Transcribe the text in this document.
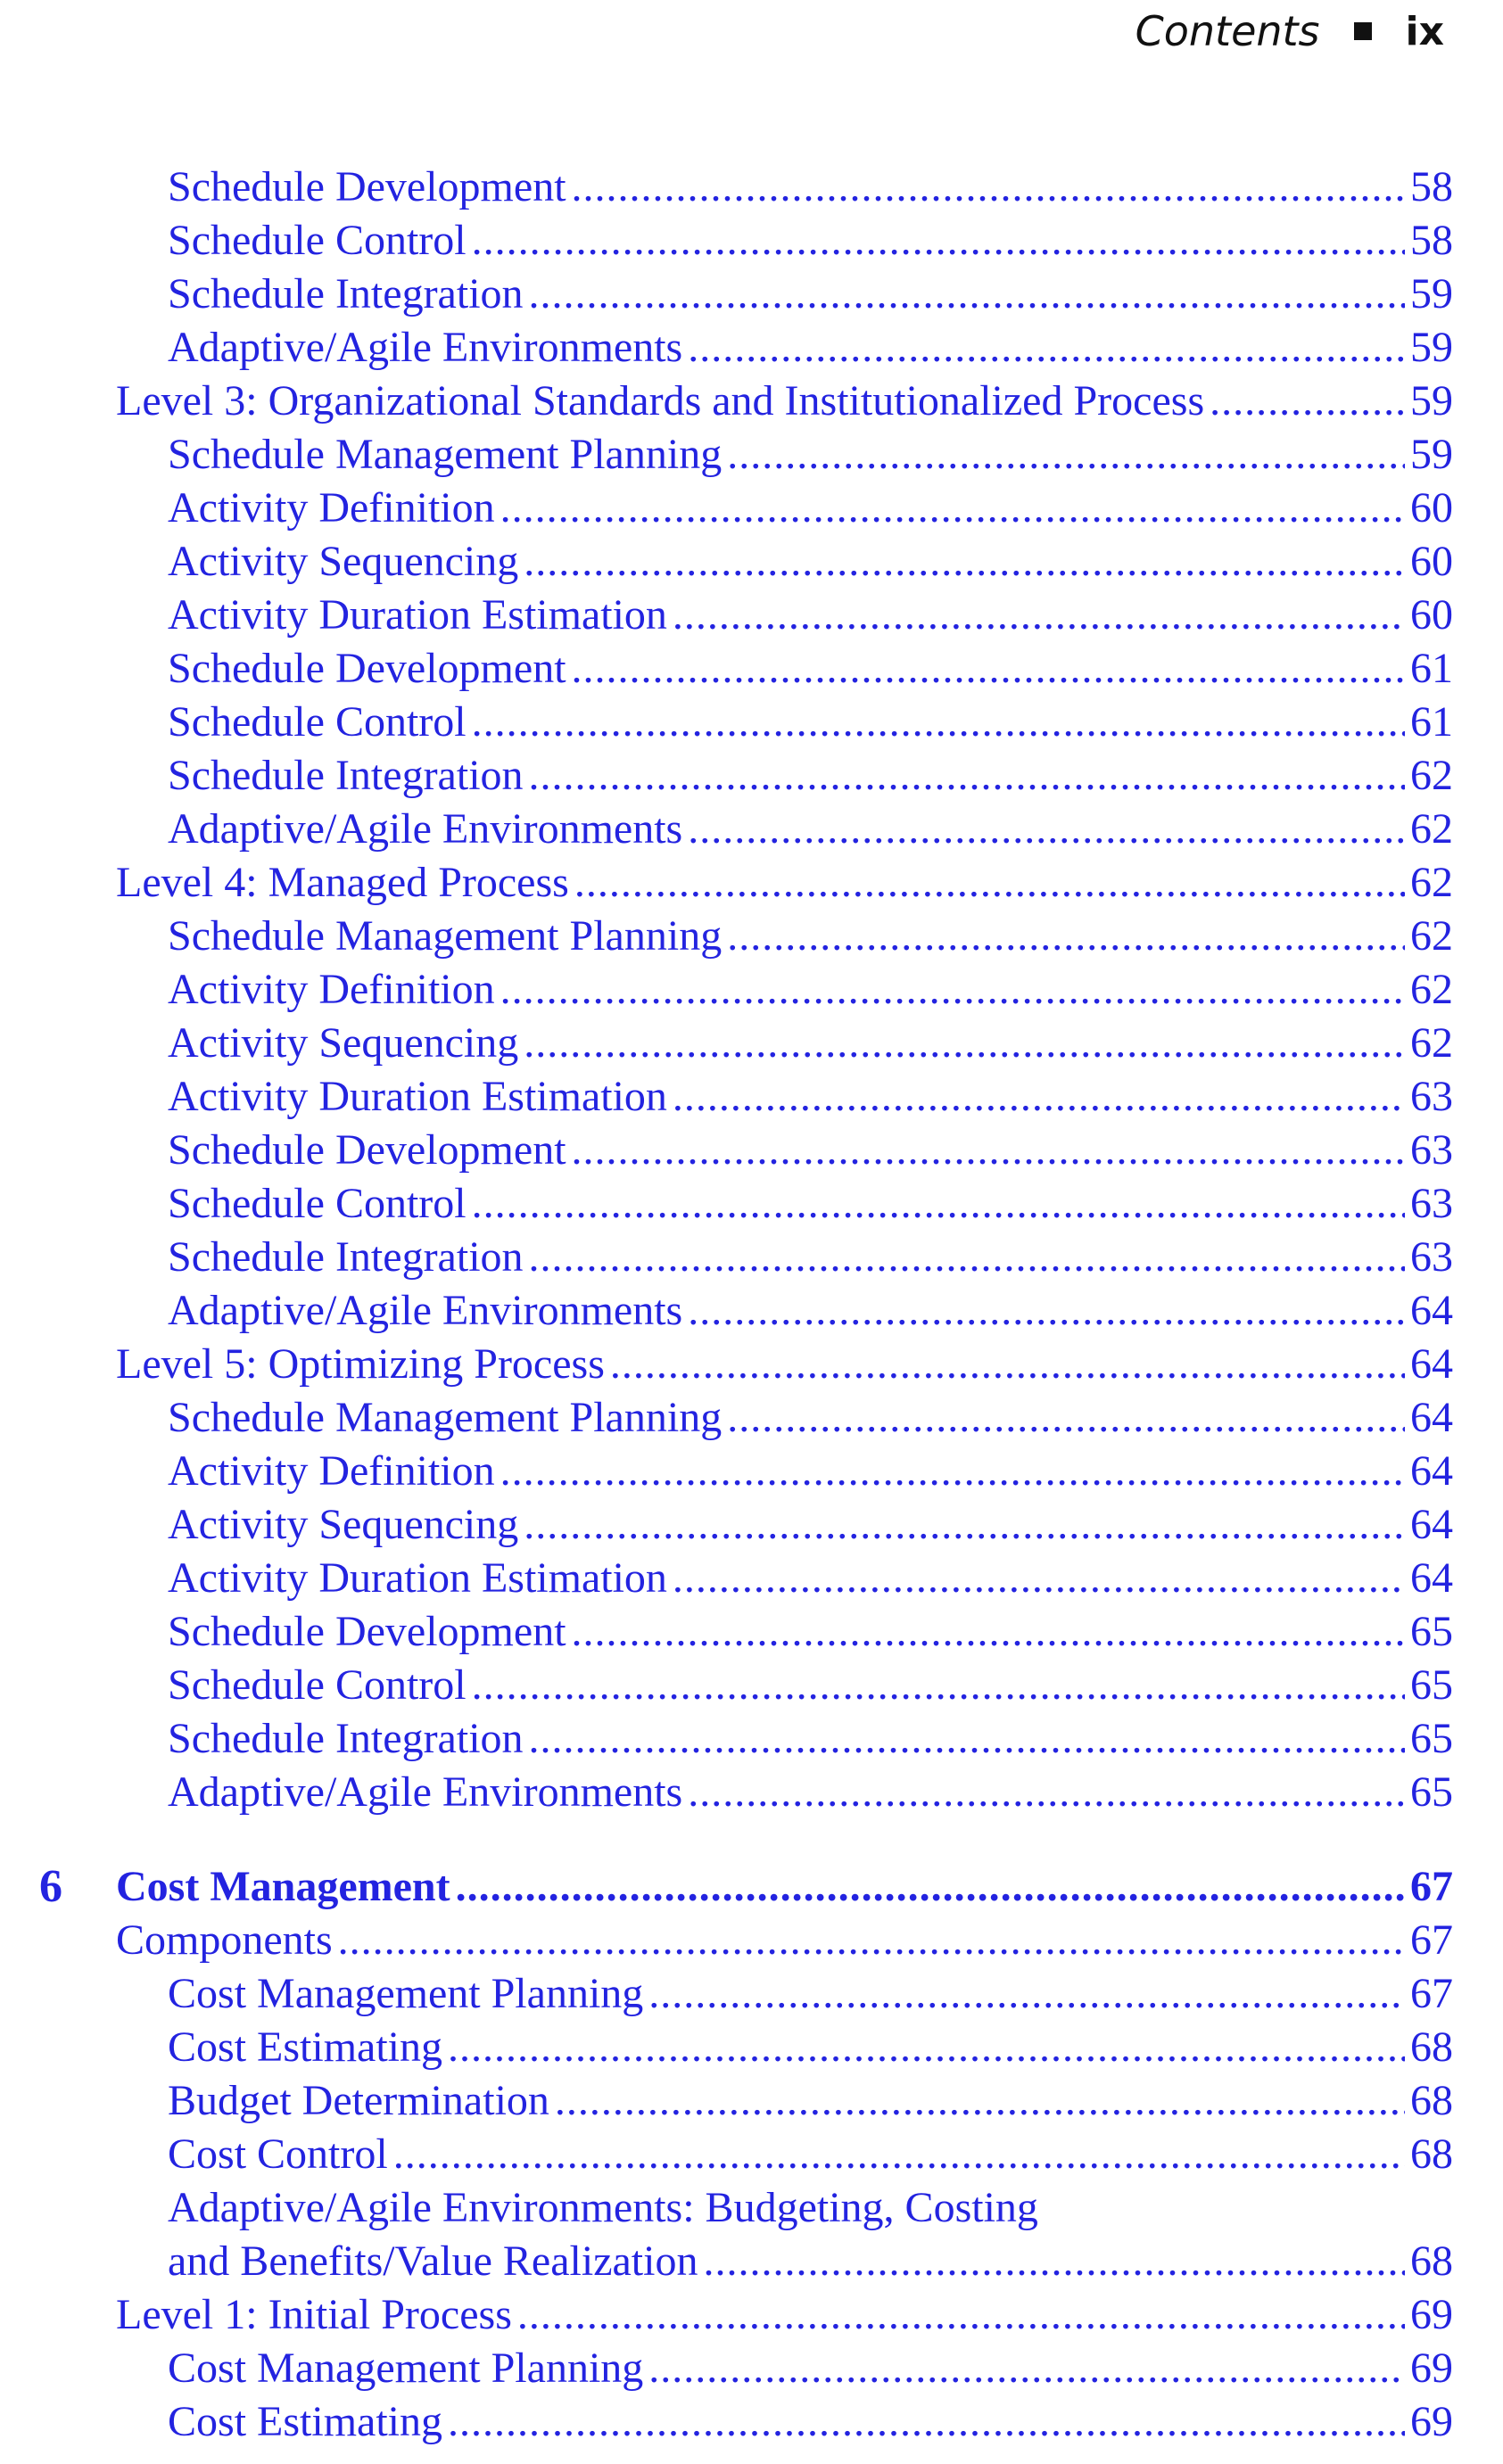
Contents ix
Schedule Development .....	58
Schedule Control .....	58
Schedule Integration .....	59
Adaptive/Agile Environments .....	59
Level 3: Organizational Standards and Institutionalized Process .....	59
Schedule Management Planning .....	59
Activity Definition .....	60
Activity Sequencing .....	60
Activity Duration Estimation .....	60
Schedule Development .....	61
Schedule Control .....	61
Schedule Integration .....	62
Adaptive/Agile Environments .....	62
Level 4: Managed Process .....	62
Schedule Management Planning .....	62
Activity Definition .....	62
Activity Sequencing .....	62
Activity Duration Estimation .....	63
Schedule Development .....	63
Schedule Control .....	63
Schedule Integration .....	63
Adaptive/Agile Environments .....	64
Level 5: Optimizing Process .....	64
Schedule Management Planning .....	64
Activity Definition .....	64
Activity Sequencing .....	64
Activity Duration Estimation .....	64
Schedule Development .....	65
Schedule Control .....	65
Schedule Integration .....	65
Adaptive/Agile Environments .....	65
6 Cost Management .....	67
Components .....	67
Cost Management Planning .....	67
Cost Estimating .....	68
Budget Determination .....	68
Cost Control .....	68
Adaptive/Agile Environments: Budgeting, Costing
and Benefits/Value Realization .....	68
Level 1: Initial Process .....	69
Cost Management Planning .....	69
Cost Estimating .....	69
